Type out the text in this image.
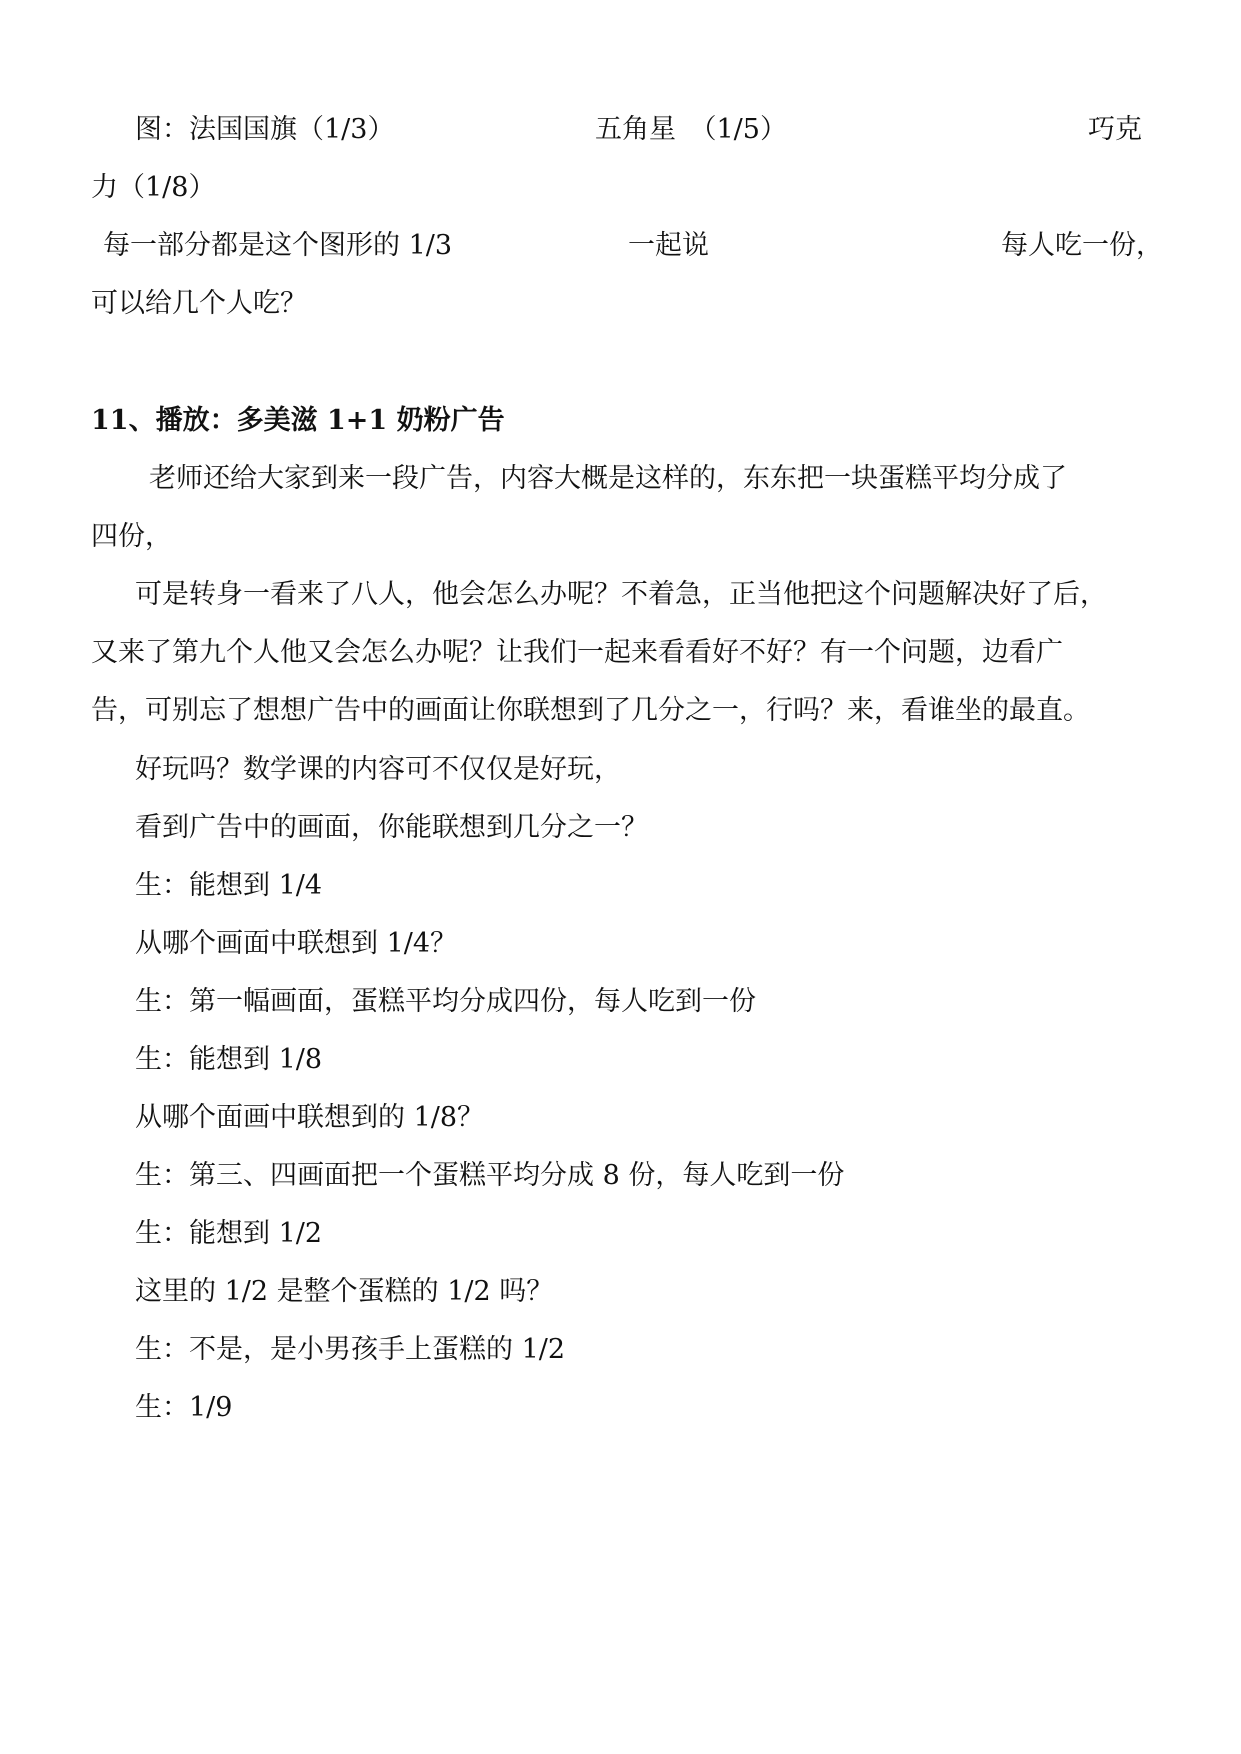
图： 法国国旗（1/3）	五角星　（1/5）	巧克
力（1/8）
每一部分都是这个图形的 1/3	一起说	每人吃一份，
可以给几个人吃？
11、播放：多美滋 1+1 奶粉广告
老师还给大家到来一段广告，内容大概是这样的，东东把一块蛋糕平均分成了
四份，
可是转身一看来了八人，他会怎么办呢？不着急，正当他把这个问题解决好了后，
又来了第九个人他又会怎么办呢？让我们一起来看看好不好？有一个问题，边看广
告，可别忘了想想广告中的画面让你联想到了几分之一，行吗？来，看谁坐的最直。
好玩吗？数学课的内容可不仅仅是好玩，
看到广告中的画面，你能联想到几分之一？
生：能想到 1/4
从哪个画面中联想到 1/4？
生：第一幅画面，蛋糕平均分成四份，每人吃到一份
生：能想到 1/8
从哪个面画中联想到的 1/8？
生：第三、四画面把一个蛋糕平均分成 8 份，每人吃到一份
生：能想到 1/2
这里的 1/2 是整个蛋糕的 1/2 吗？
生：不是，是小男孩手上蛋糕的 1/2
生：1/9
